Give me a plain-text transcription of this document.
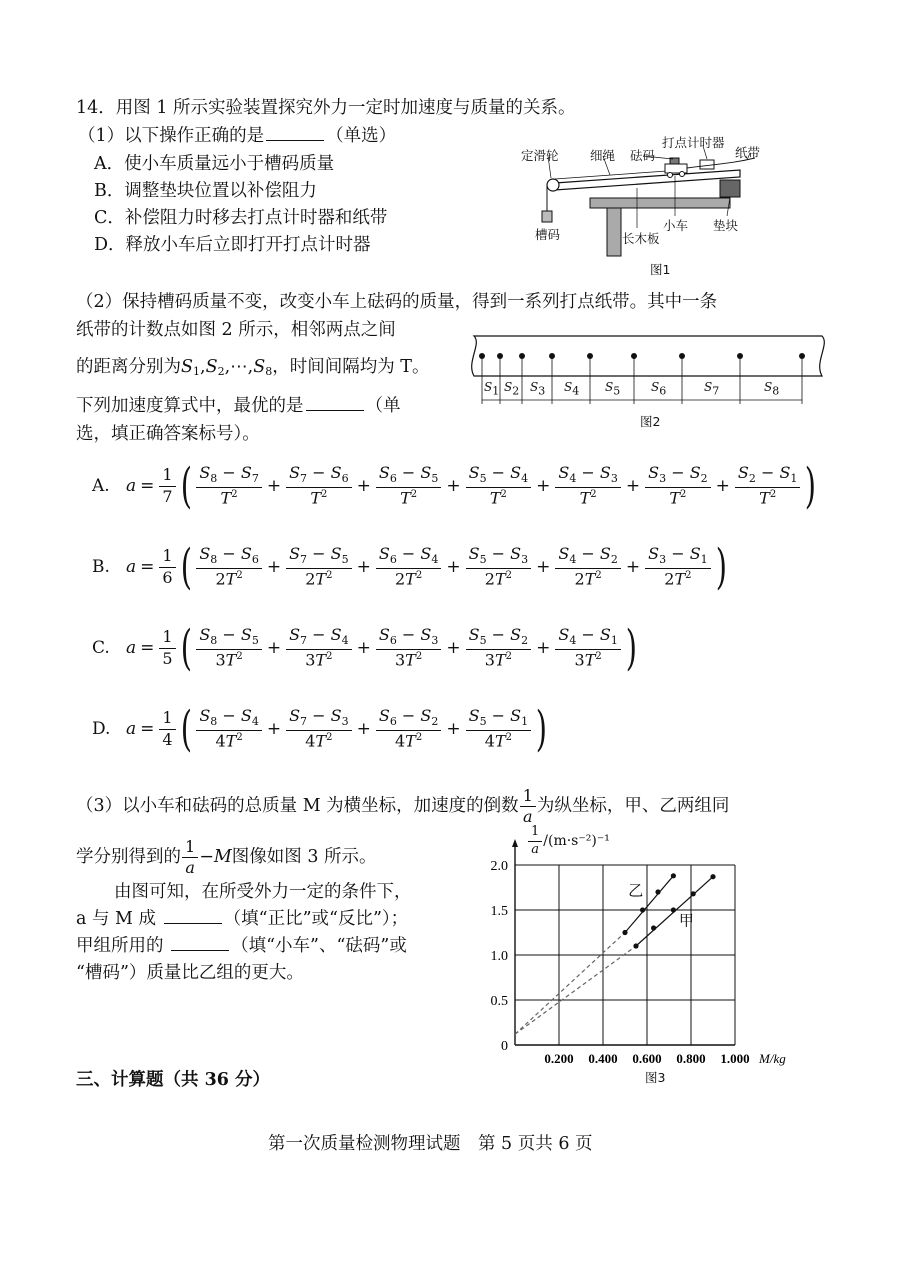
14．用图 1 所示实验装置探究外力一定时加速度与质量的关系。
（1）以下操作正确的是	（单选）
A．使小车质量远小于槽码质量
B．调整垫块位置以补偿阻力
C．补偿阻力时移去打点计时器和纸带
D．释放小车后立即打开打点计时器
定滑轮	细绳 砝码
打点计时器
纸带
槽码	长木板
小车 垫块
图1
（2）保持槽码质量不变，改变小车上砝码的质量，得到一系列打点纸带。其中一条
纸带的计数点如图 2 所示，相邻两点之间
的距离分别为$S_1,S_2,\cdots,S_8$，时间间隔均为 T。
下列加速度算式中，最优的是	（单
选，填正确答案标号）。
$S_1$ $S_2$ $S_3$ $S_4$ $S_5$	$S_6$	$S_7$	$S_8$
图2
A. $a = \frac{1}{7}$ ( $\frac{S_8 - S_7}{T^2} + \frac{S_7 - S_6}{T^2} + \frac{S_6 - S_5}{T^2} + \frac{S_5 - S_4}{T^2} + \frac{S_4 - S_3}{T^2} + \frac{S_3 - S_2}{T^2} + \frac{S_2 - S_1}{T^2}$ )
B. $a = \frac{1}{6}$ ( $\frac{S_8 - S_6}{2T^2} + \frac{S_7 - S_5}{2T^2} + \frac{S_6 - S_4}{2T^2} + \frac{S_5 - S_3}{2T^2} + \frac{S_4 - S_2}{2T^2} + \frac{S_3 - S_1}{2T^2}$ )
C. $a = \frac{1}{5}$ ( $\frac{S_8 - S_5}{3T^2} + \frac{S_7 - S_4}{3T^2} + \frac{S_6 - S_3}{3T^2} + \frac{S_5 - S_2}{3T^2} + \frac{S_4 - S_1}{3T^2}$ )
D. $a = \frac{1}{4}$ ( $\frac{S_8 - S_4}{4T^2} + \frac{S_7 - S_3}{4T^2} + \frac{S_6 - S_2}{4T^2} + \frac{S_5 - S_1}{4T^2}$ )
（3）以小车和砝码的总质量 M 为横坐标，加速度的倒数 $\frac{1}{a}$ 为纵坐标，甲、乙两组同
学分别得到的 $\frac{1}{a} -M$ 图像如图 3 所示。
由图可知，在所受外力一定的条件下，
a 与 M 成	（填“正比”或“反比”）；
甲组所用的	（填“小车”、“砝码”或
“槽码”）质量比乙组的更大。
2.0
1.5
1.0
0.5
0
0.200 0.400 0.600 0.800 1.000 M/kg
乙
甲
$\frac{1}{a} /(m\cdot s^{-2})^{-1}$
图3
三、计算题（共 36 分）
第一次质量检测物理试题　第 5 页共 6 页
